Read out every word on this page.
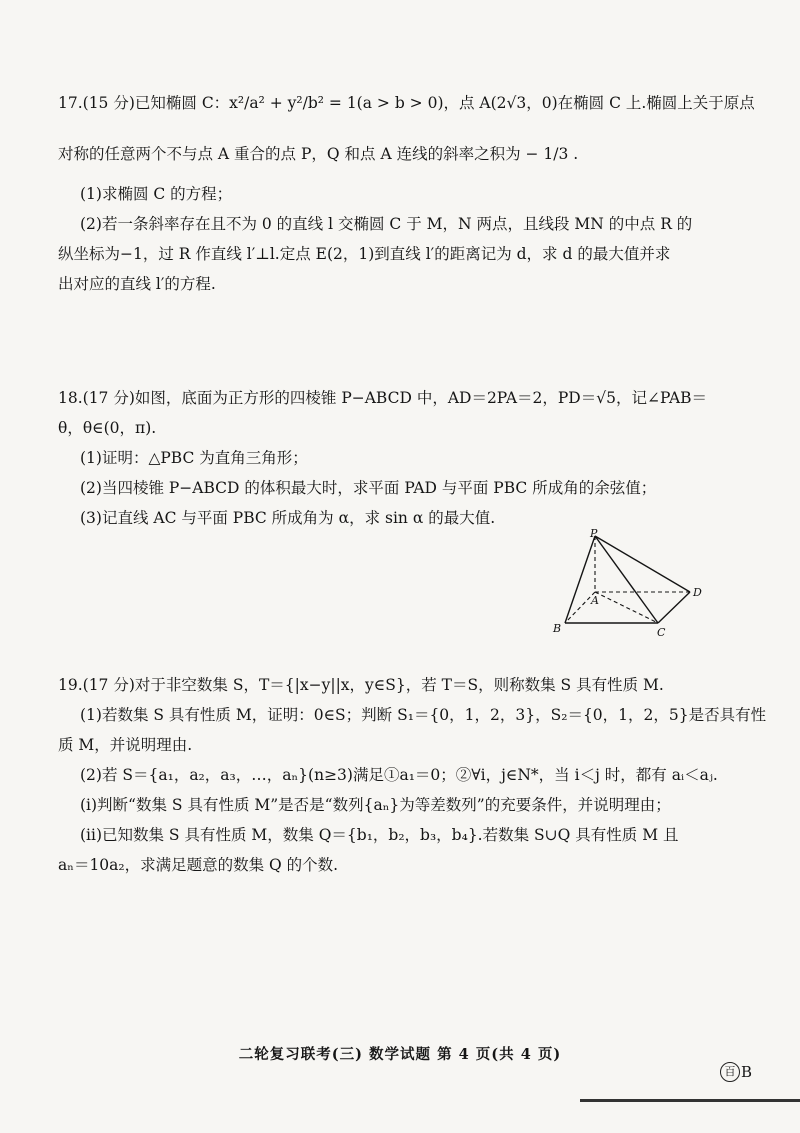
17.(15 分)已知椭圆 C：x²/a² + y²/b² = 1(a > b > 0)，点 A(2√3，0)在椭圆 C 上.椭圆上关于原点
对称的任意两个不与点 A 重合的点 P，Q 和点 A 连线的斜率之积为 − 1/3 .
(1)求椭圆 C 的方程；
(2)若一条斜率存在且不为 0 的直线 l 交椭圆 C 于 M，N 两点，且线段 MN 的中点 R 的
纵坐标为−1，过 R 作直线 l′⊥l.定点 E(2，1)到直线 l′的距离记为 d，求 d 的最大值并求
出对应的直线 l′的方程.
18.(17 分)如图，底面为正方形的四棱锥 P−ABCD 中，AD＝2PA＝2，PD＝√5，记∠PAB＝
θ，θ∈(0，π).
(1)证明：△PBC 为直角三角形；
(2)当四棱锥 P−ABCD 的体积最大时，求平面 PAD 与平面 PBC 所成角的余弦值；
(3)记直线 AC 与平面 PBC 所成角为 α，求 sin α 的最大值.
P
A
B	C
D
19.(17 分)对于非空数集 S，T＝{|x−y||x，y∈S}，若 T＝S，则称数集 S 具有性质 M.
(1)若数集 S 具有性质 M，证明：0∈S；判断 S₁＝{0，1，2，3}，S₂＝{0，1，2，5}是否具有性
质 M，并说明理由.
(2)若 S＝{a₁，a₂，a₃，…，aₙ}(n≥3)满足①a₁＝0；②∀i，j∈N*，当 i＜j 时，都有 aᵢ＜aⱼ.
(ⅰ)判断“数集 S 具有性质 M”是否是“数列{aₙ}为等差数列”的充要条件，并说明理由；
(ⅱ)已知数集 S 具有性质 M，数集 Q＝{b₁，b₂，b₃，b₄}.若数集 S∪Q 具有性质 M 且
aₙ＝10a₂，求满足题意的数集 Q 的个数.
二轮复习联考(三) 数学试题 第 4 页(共 4 页)
百 B
